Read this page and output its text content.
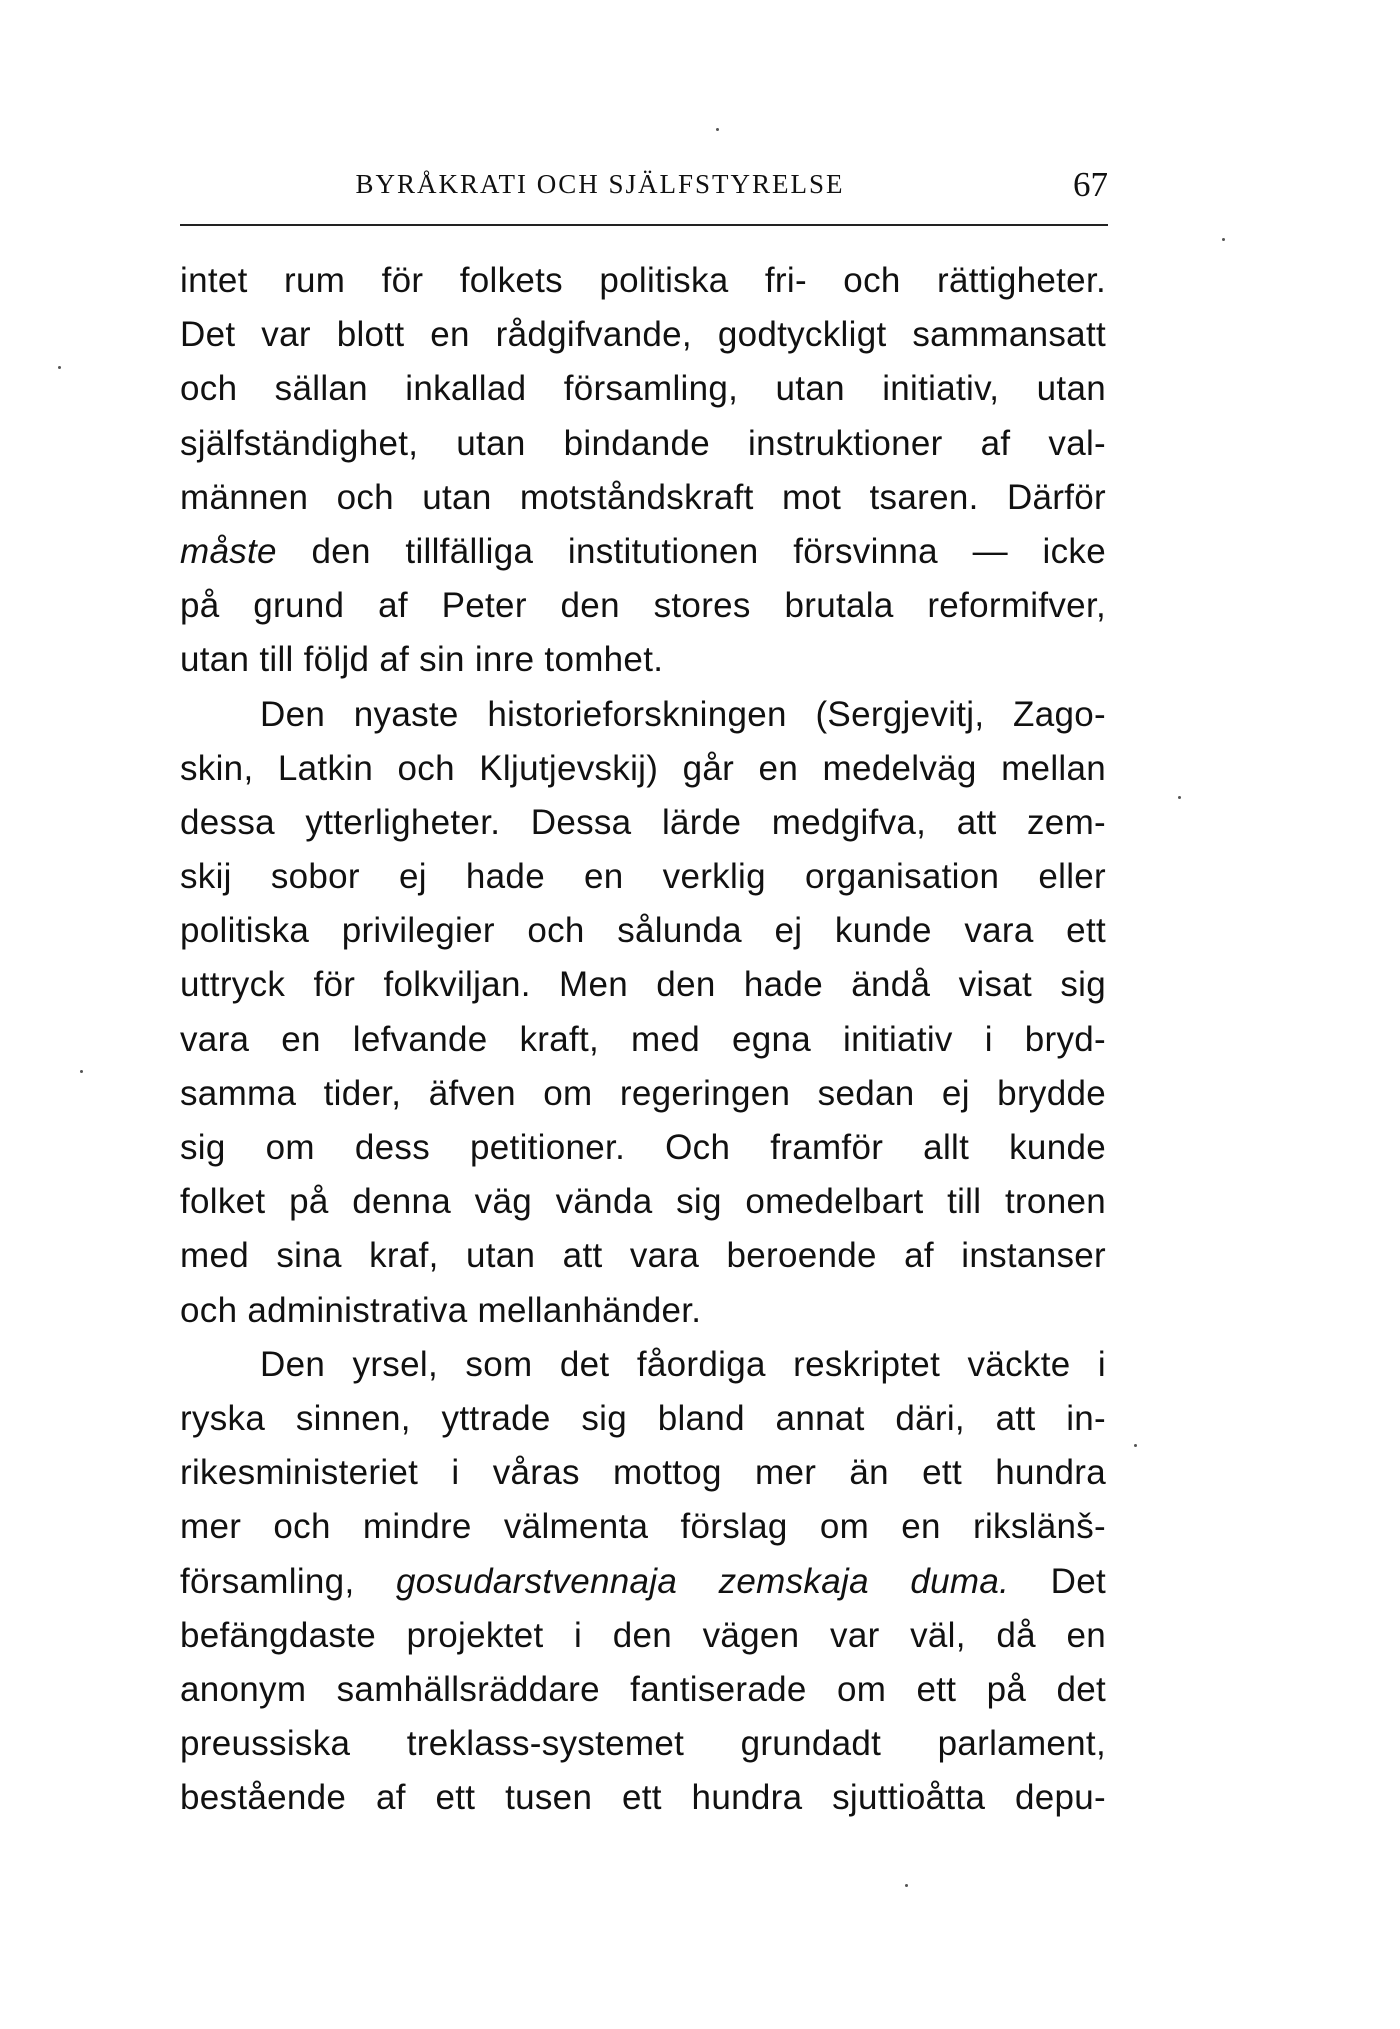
BYRÅKRATI OCH SJÄLFSTYRELSE	67
intet rum för folkets politiska fri- och rättigheter.
Det var blott en rådgifvande, godtyckligt sammansatt
och sällan inkallad församling, utan initiativ, utan
själfständighet, utan bindande instruktioner af val-
männen och utan motståndskraft mot tsaren. Därför
måste den tillfälliga institutionen försvinna — icke
på grund af Peter den stores brutala reformifver,
utan till följd af sin inre tomhet.
Den nyaste historieforskningen (Sergjevitj, Zago-
skin, Latkin och Kljutjevskij) går en medelväg mellan
dessa ytterligheter. Dessa lärde medgifva, att zem-
skij sobor ej hade en verklig organisation eller
politiska privilegier och sålunda ej kunde vara ett
uttryck för folkviljan. Men den hade ändå visat sig
vara en lefvande kraft, med egna initiativ i bryd-
samma tider, äfven om regeringen sedan ej brydde
sig om dess petitioner. Och framför allt kunde
folket på denna väg vända sig omedelbart till tronen
med sina kraf, utan att vara beroende af instanser
och administrativa mellanhänder.
Den yrsel, som det fåordiga reskriptet väckte i
ryska sinnen, yttrade sig bland annat däri, att in-
rikesministeriet i våras mottog mer än ett hundra
mer och mindre välmenta förslag om en rikslänš-
församling, gosudarstvennaja zemskaja duma. Det
befängdaste projektet i den vägen var väl, då en
anonym samhällsräddare fantiserade om ett på det
preussiska treklass-systemet grundadt parlament,
bestående af ett tusen ett hundra sjuttioåtta depu-
